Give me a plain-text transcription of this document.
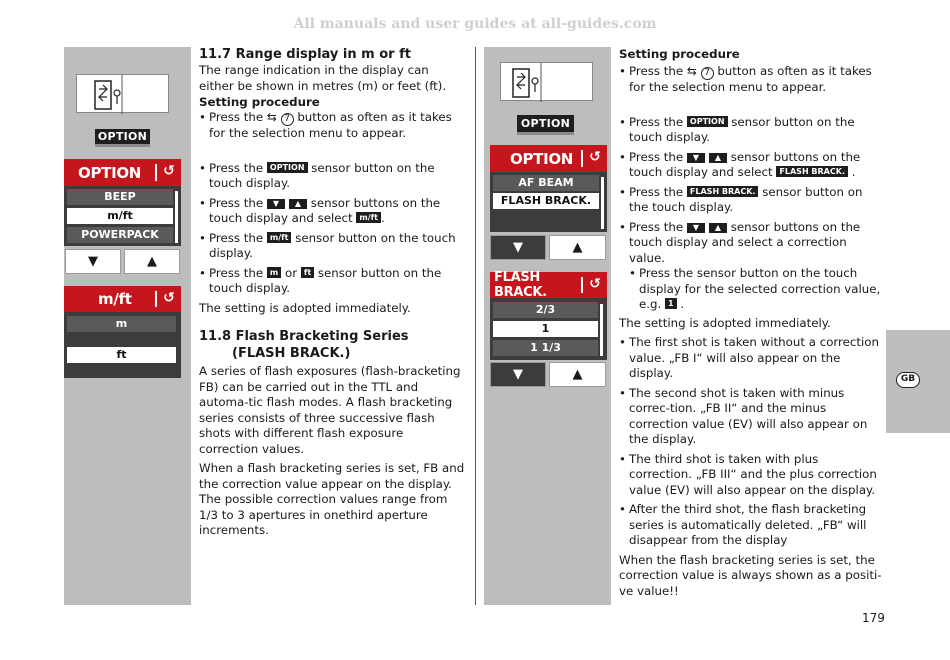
All manuals and user guides at all-guides.com
OPTION
OPTION	↺
BEEP
m/ft
POWERPACK
▼	▲
m/ft	↺
m
ft
OPTION
OPTION	↺
AF BEAM
FLASH BRACK.
▼	▲
FLASH BRACK.
↺
2/3
1
1 1/3
▼	▲
11.7 Range display in m or ft

The range indication in the display can either be shown in metres (m) or feet (ft).

Setting procedure
• Press the ⇆ 7 button as often as it takes for the selection menu to appear.
• Press the OPTION sensor button on the touch display.
• Press the ▼ ▲ sensor buttons on the touch display and select m/ft .
• Press the m/ft sensor button on the touch display.
• Press the m or ft sensor button on the touch display.

The setting is adopted immediately.

11.8 Flash Bracketing Series
(FLASH BRACK.)

A series of flash exposures (flash-bracketing FB) can be carried out in the TTL and automa-tic flash modes. A flash bracketing series consists of three successive flash shots with different flash exposure correction values.

When a flash bracketing series is set, FB and the correction value appear on the display. The possible correction values range from 1/3 to 3 apertures in onethird aperture increments.

Setting procedure
• Press the ⇆ 7 button as often as it takes for the selection menu to appear.
• Press the OPTION sensor button on the touch display.
• Press the ▼ ▲ sensor buttons on the touch display and select FLASH BRACK. .
• Press the FLASH BRACK. sensor button on the touch display.
• Press the ▼ ▲ sensor buttons on the touch display and select a correction value.
• Press the sensor button on the touch display for the selected correction value, e.g. 1 .

The setting is adopted immediately.

• The first shot is taken without a correction value. „FB I“ will also appear on the display.
• The second shot is taken with minus correc-tion. „FB II“ and the minus correction value (EV) will also appear on the display.
• The third shot is taken with plus correction. „FB III“ and the plus correction value (EV) will also appear on the display.
• After the third shot, the flash bracketing series is automatically deleted. „FB“ will disappear from the display

When the flash bracketing series is set, the correction value is always shown as a positi-ve value!!

GB
179
